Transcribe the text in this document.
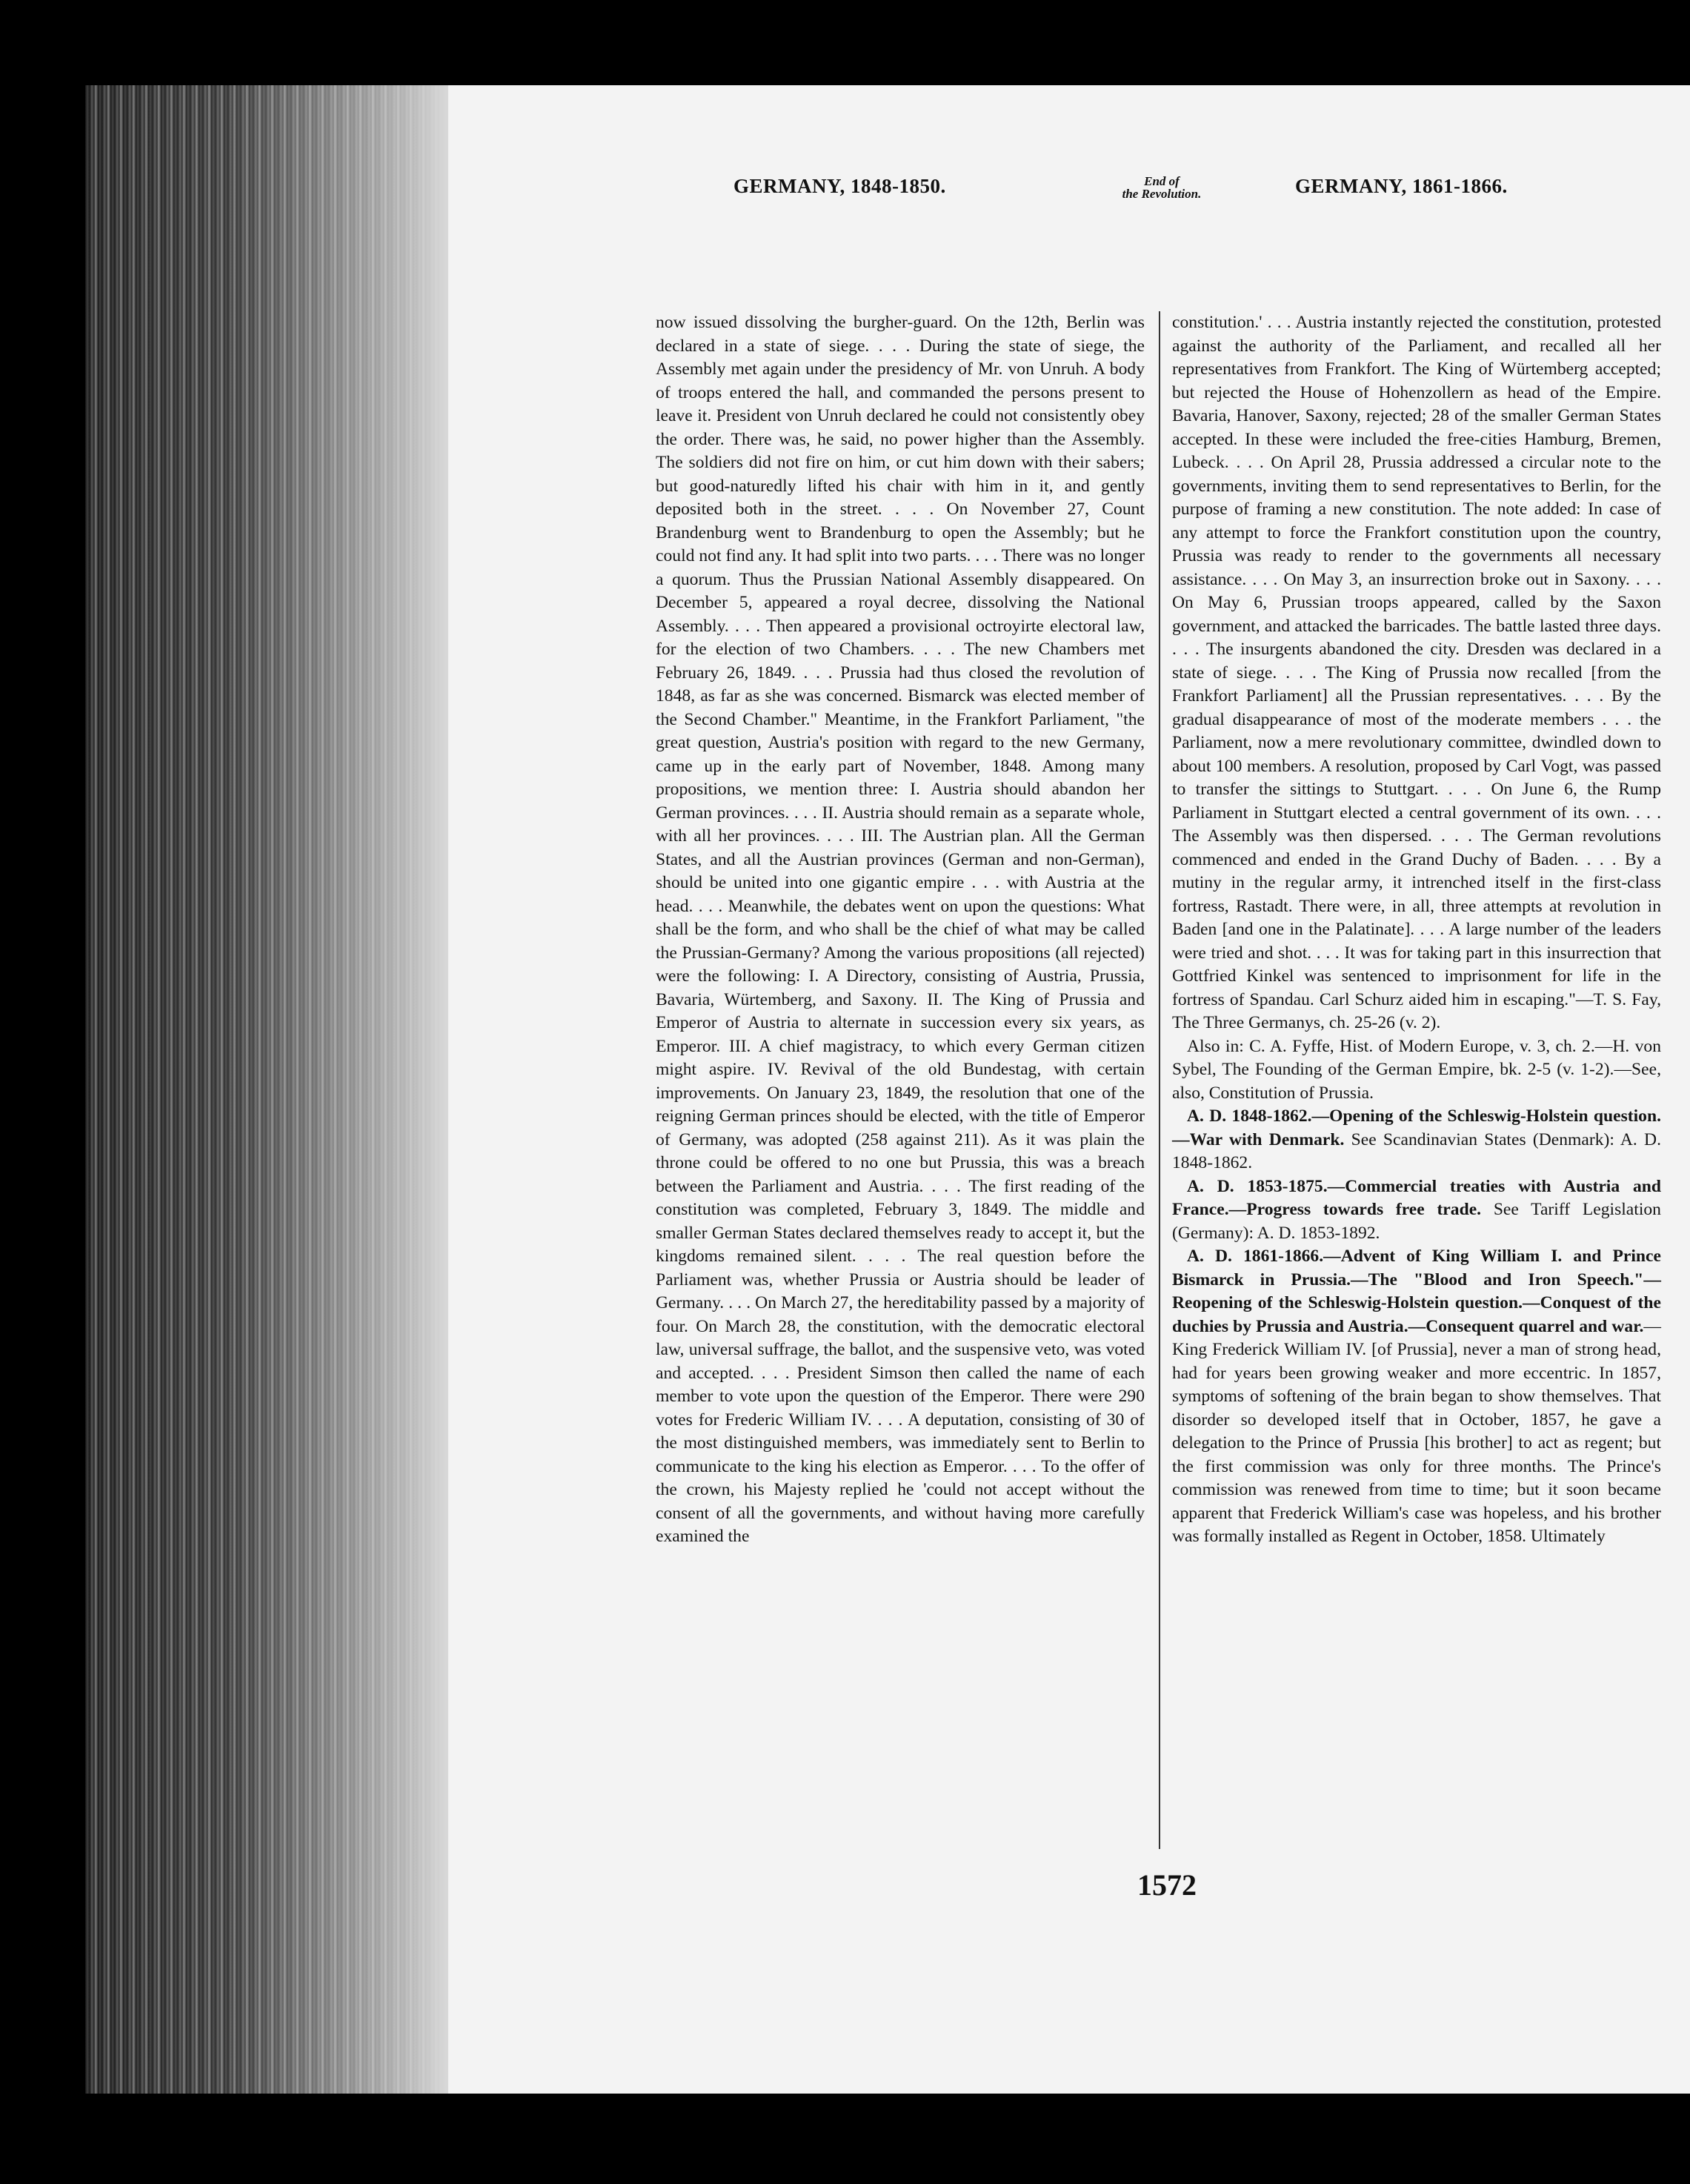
GERMANY, 1848-1850.	End of
the Revolution.	GERMANY, 1861-1866.

now issued dissolving the burgher-guard. On the 12th, Berlin was declared in a state of siege. . . . During the state of siege, the Assembly met again under the presidency of Mr. von Unruh. A body of troops entered the hall, and commanded the persons present to leave it. President von Unruh declared he could not consistently obey the order. There was, he said, no power higher than the Assembly. The soldiers did not fire on him, or cut him down with their sabers; but good-naturedly lifted his chair with him in it, and gently deposited both in the street. . . . On November 27, Count Brandenburg went to Brandenburg to open the Assembly; but he could not find any. It had split into two parts. . . . There was no longer a quorum. Thus the Prussian National Assembly disappeared. On December 5, appeared a royal decree, dissolving the National Assembly. . . . Then appeared a provisional octroyirte electoral law, for the election of two Chambers. . . . The new Chambers met February 26, 1849. . . . Prussia had thus closed the revolution of 1848, as far as she was concerned. Bismarck was elected member of the Second Chamber." Meantime, in the Frankfort Parliament, "the great question, Austria's position with regard to the new Germany, came up in the early part of November, 1848. Among many propositions, we mention three: I. Austria should abandon her German provinces. . . . II. Austria should remain as a separate whole, with all her provinces. . . . III. The Austrian plan. All the German States, and all the Austrian provinces (German and non-German), should be united into one gigantic empire . . . with Austria at the head. . . . Meanwhile, the debates went on upon the questions: What shall be the form, and who shall be the chief of what may be called the Prussian-Germany? Among the various propositions (all rejected) were the following: I. A Directory, consisting of Austria, Prussia, Bavaria, Würtemberg, and Saxony. II. The King of Prussia and Emperor of Austria to alternate in succession every six years, as Emperor. III. A chief magistracy, to which every German citizen might aspire. IV. Revival of the old Bundestag, with certain improvements. On January 23, 1849, the resolution that one of the reigning German princes should be elected, with the title of Emperor of Germany, was adopted (258 against 211). As it was plain the throne could be offered to no one but Prussia, this was a breach between the Parliament and Austria. . . . The first reading of the constitution was completed, February 3, 1849. The middle and smaller German States declared themselves ready to accept it, but the kingdoms remained silent. . . . The real question before the Parliament was, whether Prussia or Austria should be leader of Germany. . . . On March 27, the hereditability passed by a majority of four. On March 28, the constitution, with the democratic electoral law, universal suffrage, the ballot, and the suspensive veto, was voted and accepted. . . . President Simson then called the name of each member to vote upon the question of the Emperor. There were 290 votes for Frederic William IV. . . . A deputation, consisting of 30 of the most distinguished members, was immediately sent to Berlin to communicate to the king his election as Emperor. . . . To the offer of the crown, his Majesty replied he 'could not accept without the consent of all the governments, and without having more carefully examined the

constitution.' . . . Austria instantly rejected the constitution, protested against the authority of the Parliament, and recalled all her representatives from Frankfort. The King of Würtemberg accepted; but rejected the House of Hohenzollern as head of the Empire. Bavaria, Hanover, Saxony, rejected; 28 of the smaller German States accepted. In these were included the free-cities Hamburg, Bremen, Lubeck. . . . On April 28, Prussia addressed a circular note to the governments, inviting them to send representatives to Berlin, for the purpose of framing a new constitution. The note added: In case of any attempt to force the Frankfort constitution upon the country, Prussia was ready to render to the governments all necessary assistance. . . . On May 3, an insurrection broke out in Saxony. . . . On May 6, Prussian troops appeared, called by the Saxon government, and attacked the barricades. The battle lasted three days. . . . The insurgents abandoned the city. Dresden was declared in a state of siege. . . . The King of Prussia now recalled [from the Frankfort Parliament] all the Prussian representatives. . . . By the gradual disappearance of most of the moderate members . . . the Parliament, now a mere revolutionary committee, dwindled down to about 100 members. A resolution, proposed by Carl Vogt, was passed to transfer the sittings to Stuttgart. . . . On June 6, the Rump Parliament in Stuttgart elected a central government of its own. . . . The Assembly was then dispersed. . . . The German revolutions commenced and ended in the Grand Duchy of Baden. . . . By a mutiny in the regular army, it intrenched itself in the first-class fortress, Rastadt. There were, in all, three attempts at revolution in Baden [and one in the Palatinate]. . . . A large number of the leaders were tried and shot. . . . It was for taking part in this insurrection that Gottfried Kinkel was sentenced to imprisonment for life in the fortress of Spandau. Carl Schurz aided him in escaping."—T. S. Fay, The Three Germanys, ch. 25-26 (v. 2).

Also in: C. A. Fyffe, Hist. of Modern Europe, v. 3, ch. 2.—H. von Sybel, The Founding of the German Empire, bk. 2-5 (v. 1-2).—See, also, Constitution of Prussia.

A. D. 1848-1862.—Opening of the Schleswig-Holstein question.—War with Denmark. See Scandinavian States (Denmark): A. D. 1848-1862.

A. D. 1853-1875.—Commercial treaties with Austria and France.—Progress towards free trade. See Tariff Legislation (Germany): A. D. 1853-1892.

A. D. 1861-1866.—Advent of King William I. and Prince Bismarck in Prussia.—The "Blood and Iron Speech."—Reopening of the Schleswig-Holstein question.—Conquest of the duchies by Prussia and Austria.—Consequent quarrel and war.—King Frederick William IV. [of Prussia], never a man of strong head, had for years been growing weaker and more eccentric. In 1857, symptoms of softening of the brain began to show themselves. That disorder so developed itself that in October, 1857, he gave a delegation to the Prince of Prussia [his brother] to act as regent; but the first commission was only for three months. The Prince's commission was renewed from time to time; but it soon became apparent that Frederick William's case was hopeless, and his brother was formally installed as Regent in October, 1858. Ultimately

1572
